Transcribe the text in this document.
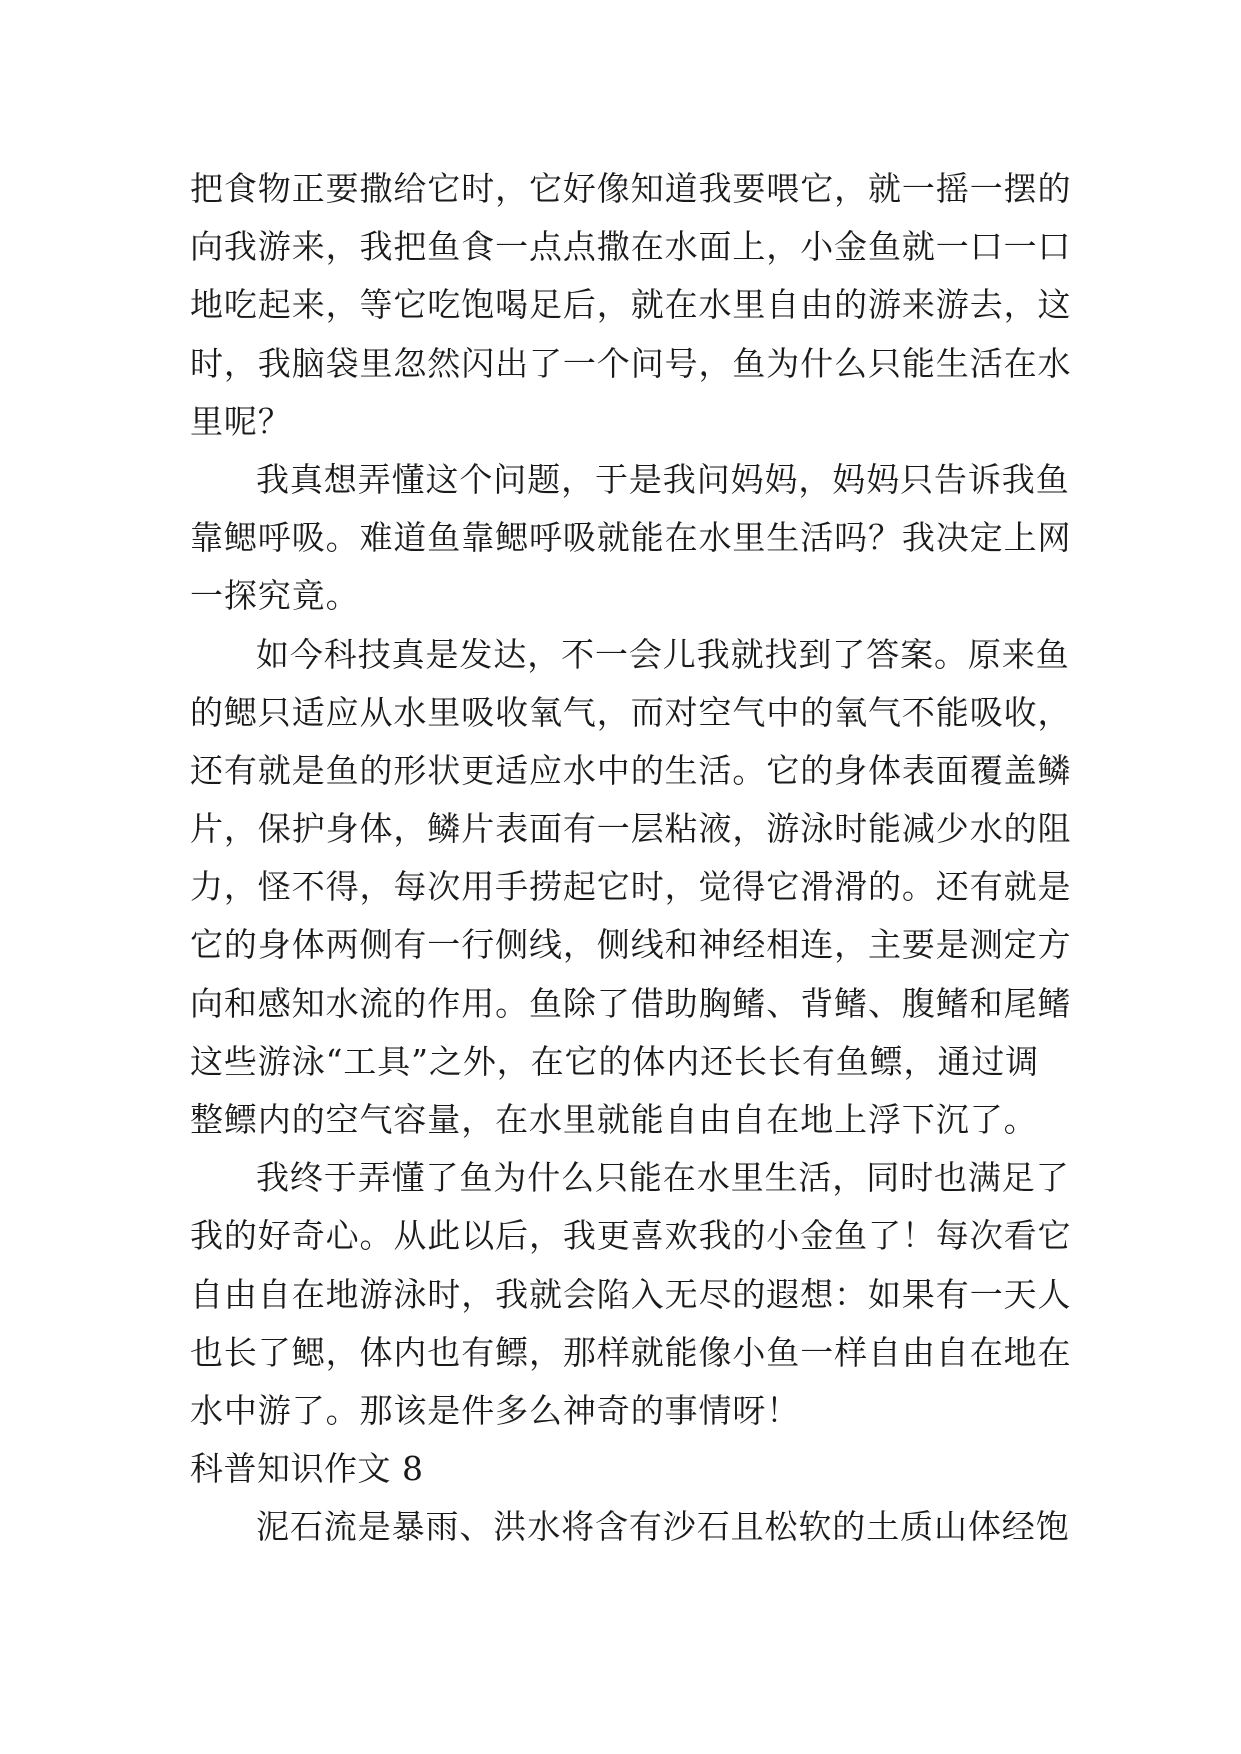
把食物正要撒给它时，它好像知道我要喂它，就一摇一摆的
向我游来，我把鱼食一点点撒在水面上，小金鱼就一口一口
地吃起来，等它吃饱喝足后，就在水里自由的游来游去，这
时，我脑袋里忽然闪出了一个问号，鱼为什么只能生活在水
里呢？
我真想弄懂这个问题，于是我问妈妈，妈妈只告诉我鱼
靠鳃呼吸。难道鱼靠鳃呼吸就能在水里生活吗？我决定上网
一探究竟。
如今科技真是发达，不一会儿我就找到了答案。原来鱼
的鳃只适应从水里吸收氧气，而对空气中的氧气不能吸收，
还有就是鱼的形状更适应水中的生活。它的身体表面覆盖鳞
片，保护身体，鳞片表面有一层粘液，游泳时能减少水的阻
力，怪不得，每次用手捞起它时，觉得它滑滑的。还有就是
它的身体两侧有一行侧线，侧线和神经相连，主要是测定方
向和感知水流的作用。鱼除了借助胸鳍、背鳍、腹鳍和尾鳍
这些游泳“工具”之外，在它的体内还长长有鱼鳔，通过调
整鳔内的空气容量，在水里就能自由自在地上浮下沉了。
我终于弄懂了鱼为什么只能在水里生活，同时也满足了
我的好奇心。从此以后，我更喜欢我的小金鱼了！每次看它
自由自在地游泳时，我就会陷入无尽的遐想：如果有一天人
也长了鳃，体内也有鳔，那样就能像小鱼一样自由自在地在
水中游了。那该是件多么神奇的事情呀！
科普知识作文 8
泥石流是暴雨、洪水将含有沙石且松软的土质山体经饱
